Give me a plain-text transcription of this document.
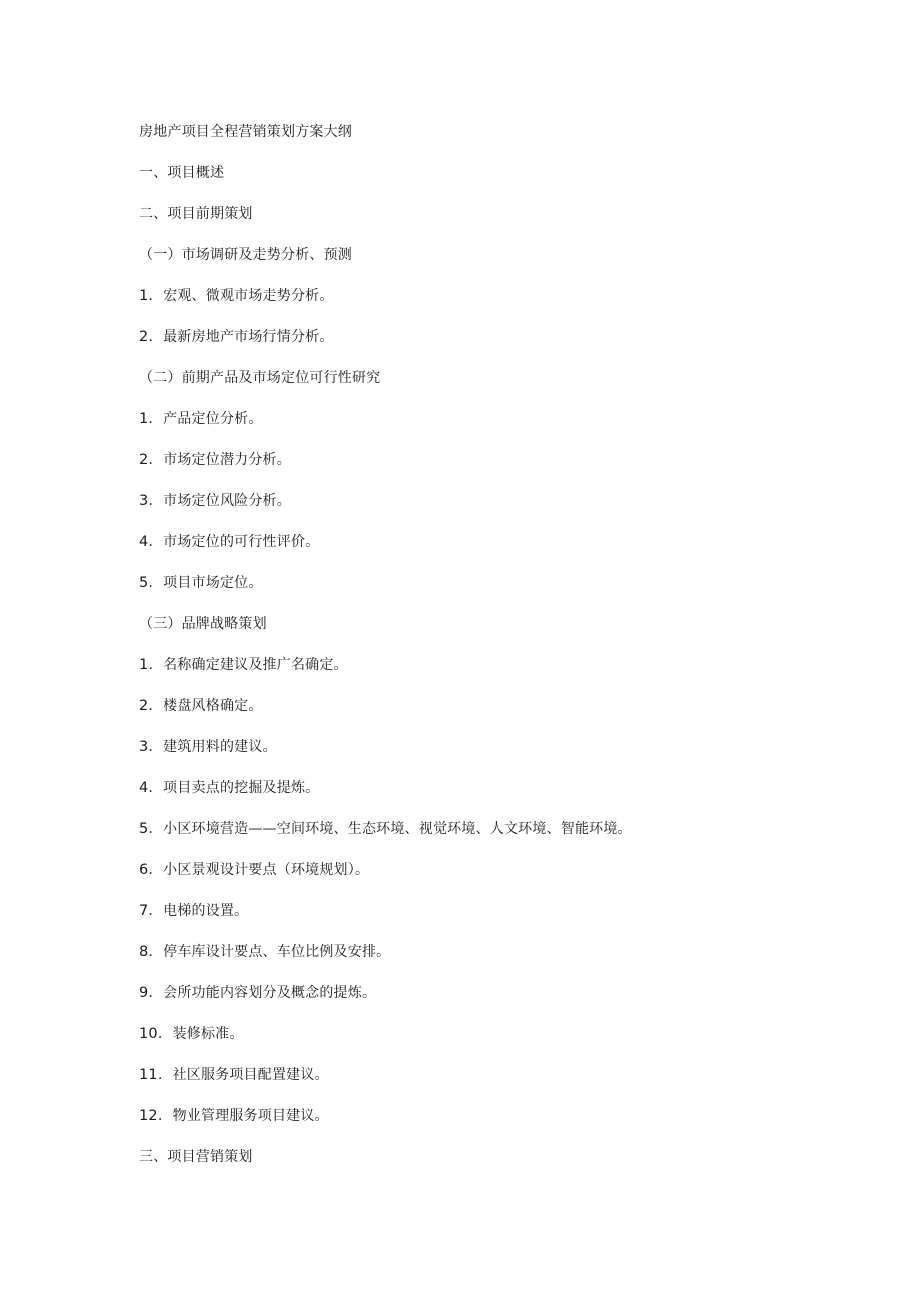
房地产项目全程营销策划方案大纲
一、项目概述
二、项目前期策划
（一）市场调研及走势分析、预测
1．宏观、微观市场走势分析。
2．最新房地产市场行情分析。
（二）前期产品及市场定位可行性研究
1．产品定位分析。
2．市场定位潜力分析。
3．市场定位风险分析。
4．市场定位的可行性评价。
5．项目市场定位。
（三）品牌战略策划
1．名称确定建议及推广名确定。
2．楼盘风格确定。
3．建筑用料的建议。
4．项目卖点的挖掘及提炼。
5．小区环境营造——空间环境、生态环境、视觉环境、人文环境、智能环境。
6．小区景观设计要点（环境规划）。
7．电梯的设置。
8．停车库设计要点、车位比例及安排。
9．会所功能内容划分及概念的提炼。
10．装修标准。
11．社区服务项目配置建议。
12．物业管理服务项目建议。
三、项目营销策划
